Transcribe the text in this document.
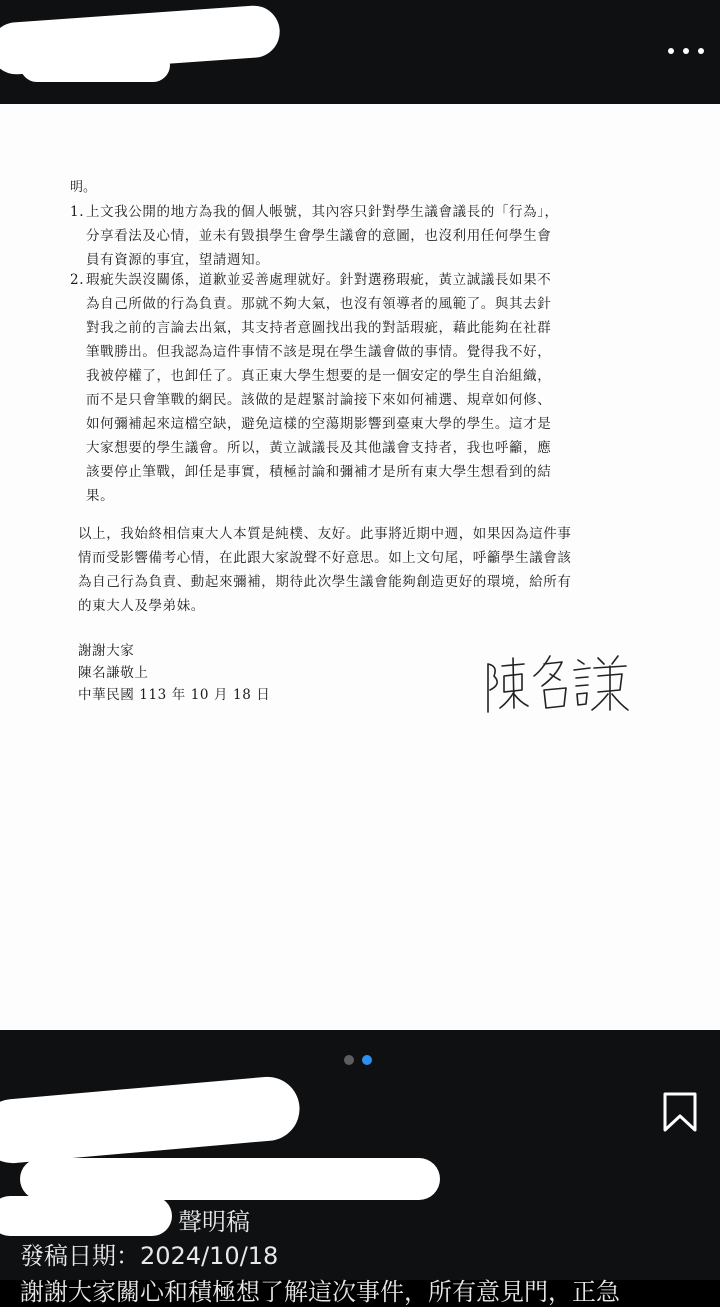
明。

1. 上文我公開的地方為我的個人帳號，其內容只針對學生議會議長的「行為」，
分享看法及心情，並未有毀損學生會學生議會的意圖，也沒利用任何學生會
員有資源的事宜，望請週知。
2. 瑕疵失誤沒關係，道歉並妥善處理就好。針對選務瑕疵，黃立誠議長如果不
為自己所做的行為負責。那就不夠大氣，也沒有領導者的風範了。與其去針
對我之前的言論去出氣，其支持者意圖找出我的對話瑕疵，藉此能夠在社群
筆戰勝出。但我認為這件事情不該是現在學生議會做的事情。覺得我不好，
我被停權了，也卸任了。真正東大學生想要的是一個安定的學生自治組織，
而不是只會筆戰的網民。該做的是趕緊討論接下來如何補選、規章如何修、
如何彌補起來這檔空缺，避免這樣的空蕩期影響到臺東大學的學生。這才是
大家想要的學生議會。所以，黃立誠議長及其他議會支持者，我也呼籲，應
該要停止筆戰，卸任是事實，積極討論和彌補才是所有東大學生想看到的結
果。
以上，我始終相信東大人本質是純樸、友好。此事將近期中週，如果因為這件事
情而受影響備考心情，在此跟大家說聲不好意思。如上文句尾，呼籲學生議會該
為自己行為負責、動起來彌補，期待此次學生議會能夠創造更好的環境，給所有
的東大人及學弟妹。
謝謝大家
陳名謙敬上
中華民國 113 年 10 月 18 日
聲明稿
發稿日期：2024/10/18
謝謝大家關心和積極想了解這次事件，所有意見門，正急
